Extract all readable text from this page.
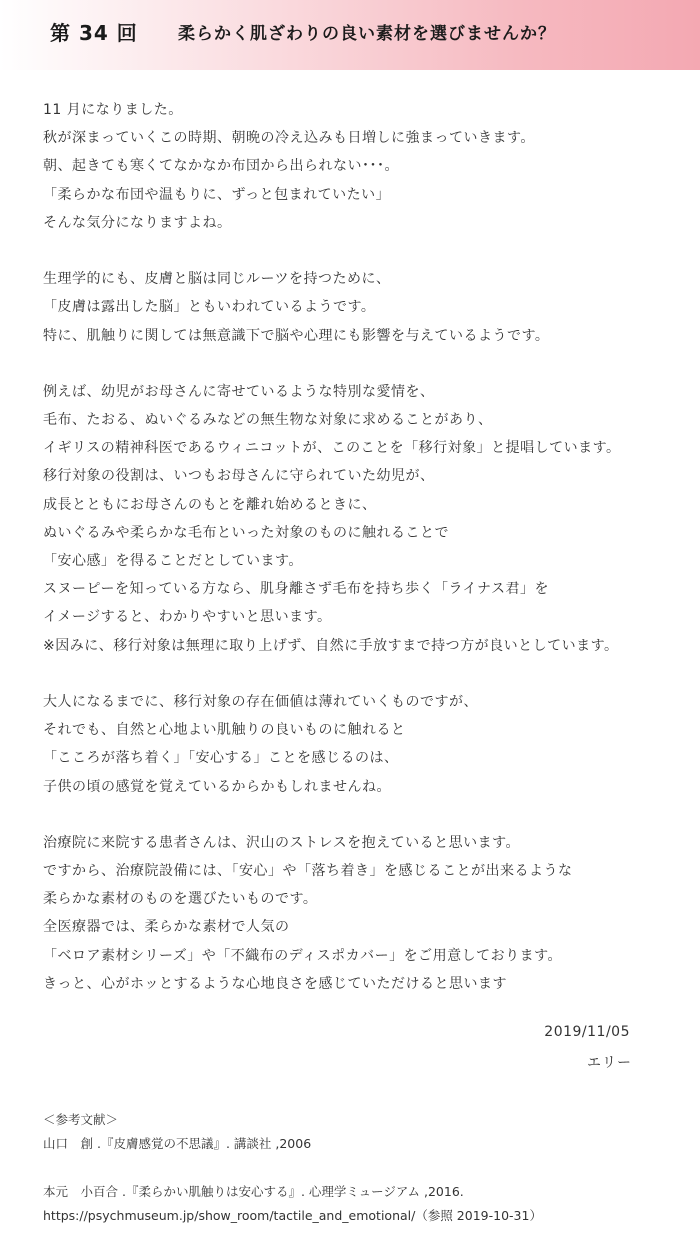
第 34 回 柔らかく肌ざわりの良い素材を選びませんか？
11 月になりました。
秋が深まっていくこの時期、朝晩の冷え込みも日増しに強まっていきます。
朝、起きても寒くてなかなか布団から出られない･･･。
「柔らかな布団や温もりに、ずっと包まれていたい」
そんな気分になりますよね。
生理学的にも、皮膚と脳は同じルーツを持つために、
「皮膚は露出した脳」ともいわれているようです。
特に、肌触りに関しては無意識下で脳や心理にも影響を与えているようです。
例えば、幼児がお母さんに寄せているような特別な愛情を、
毛布、たおる、ぬいぐるみなどの無生物な対象に求めることがあり、
イギリスの精神科医であるウィニコットが、このことを「移行対象」と提唱しています。
移行対象の役割は、いつもお母さんに守られていた幼児が、
成長とともにお母さんのもとを離れ始めるときに、
ぬいぐるみや柔らかな毛布といった対象のものに触れることで
「安心感」を得ることだとしています。
スヌーピーを知っている方なら、肌身離さず毛布を持ち歩く「ライナス君」を
イメージすると、わかりやすいと思います。
※因みに、移行対象は無理に取り上げず、自然に手放すまで持つ方が良いとしています。
大人になるまでに、移行対象の存在価値は薄れていくものですが、
それでも、自然と心地よい肌触りの良いものに触れると
「こころが落ち着く」「安心する」ことを感じるのは、
子供の頃の感覚を覚えているからかもしれませんね。
治療院に来院する患者さんは、沢山のストレスを抱えていると思います。
ですから、治療院設備には、「安心」や「落ち着き」を感じることが出来るような
柔らかな素材のものを選びたいものです。
全医療器では、柔らかな素材で人気の
「ベロア素材シリーズ」や「不織布のディスポカバー」をご用意しております。
きっと、心がホッとするような心地良さを感じていただけると思います
2019/11/05
エリー
＜参考文献＞
山口　創 .『皮膚感覚の不思議』. 講談社 ,2006
本元　小百合 .『柔らかい肌触りは安心する』. 心理学ミュージアム ,2016.
https://psychmuseum.jp/show_room/tactile_and_emotional/（参照 2019-10-31）
